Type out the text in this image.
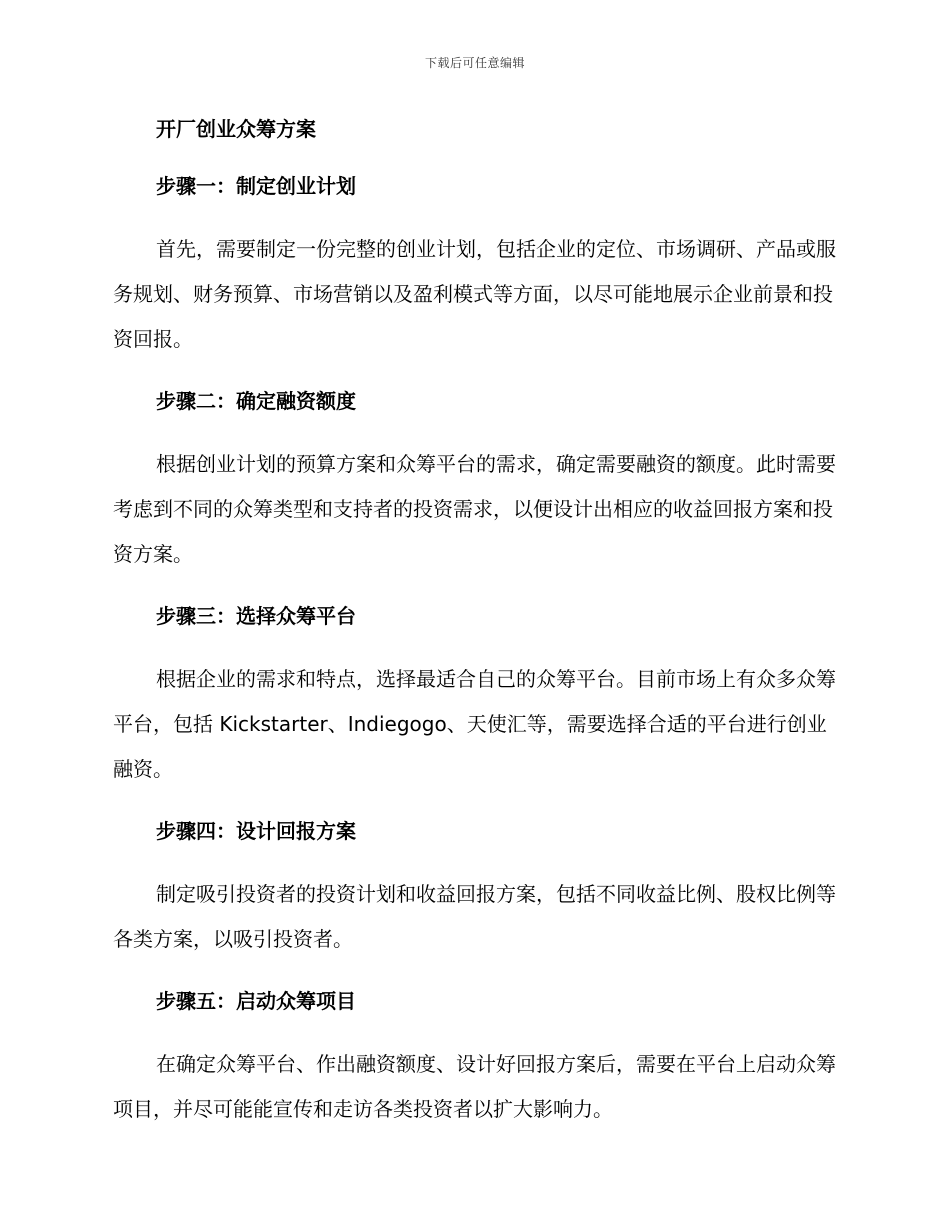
下载后可任意编辑
开厂创业众筹方案
步骤一：制定创业计划

首先，需要制定一份完整的创业计划，包括企业的定位、市场调研、产品或服务规划、财务预算、市场营销以及盈利模式等方面，以尽可能地展示企业前景和投资回报。

步骤二：确定融资额度

根据创业计划的预算方案和众筹平台的需求，确定需要融资的额度。此时需要考虑到不同的众筹类型和支持者的投资需求，以便设计出相应的收益回报方案和投资方案。

步骤三：选择众筹平台

根据企业的需求和特点，选择最适合自己的众筹平台。目前市场上有众多众筹平台，包括 Kickstarter、Indiegogo、天使汇等，需要选择合适的平台进行创业融资。

步骤四：设计回报方案

制定吸引投资者的投资计划和收益回报方案，包括不同收益比例、股权比例等各类方案，以吸引投资者。

步骤五：启动众筹项目

在确定众筹平台、作出融资额度、设计好回报方案后，需要在平台上启动众筹项目，并尽可能能宣传和走访各类投资者以扩大影响力。
